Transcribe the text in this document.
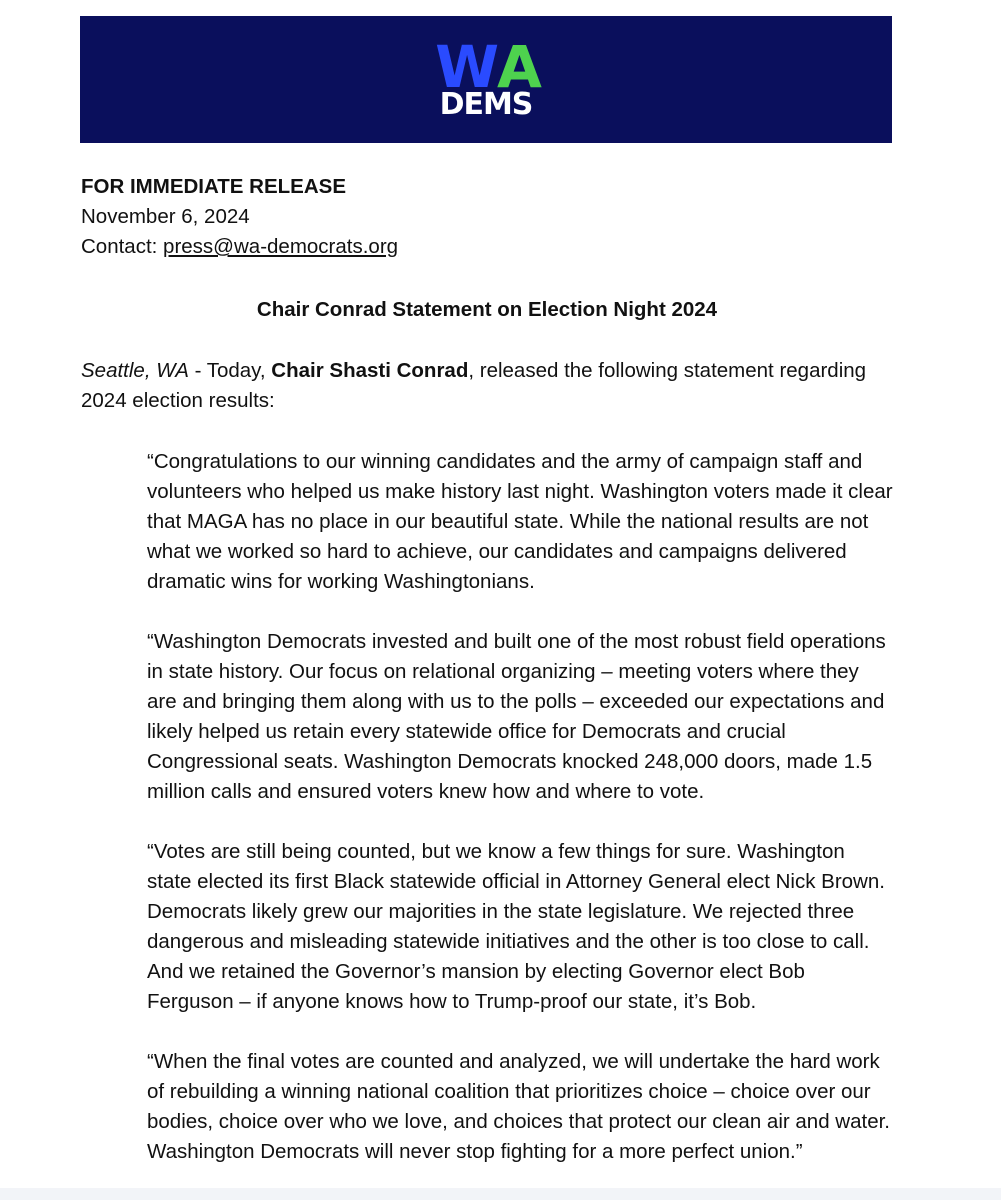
W A
DEMS
FOR IMMEDIATE RELEASE
November 6, 2024
Contact: press@wa-democrats.org
Chair Conrad Statement on Election Night 2024
Seattle, WA - Today, Chair Shasti Conrad, released the following statement regarding 2024 election results:
“Congratulations to our winning candidates and the army of campaign staff and volunteers who helped us make history last night. Washington voters made it clear that MAGA has no place in our beautiful state. While the national results are not what we worked so hard to achieve, our candidates and campaigns delivered dramatic wins for working Washingtonians.
“Washington Democrats invested and built one of the most robust field operations in state history. Our focus on relational organizing – meeting voters where they are and bringing them along with us to the polls – exceeded our expectations and likely helped us retain every statewide office for Democrats and crucial Congressional seats. Washington Democrats knocked 248,000 doors, made 1.5 million calls and ensured voters knew how and where to vote.
“Votes are still being counted, but we know a few things for sure. Washington state elected its first Black statewide official in Attorney General elect Nick Brown. Democrats likely grew our majorities in the state legislature. We rejected three dangerous and misleading statewide initiatives and the other is too close to call. And we retained the Governor’s mansion by electing Governor elect Bob Ferguson – if anyone knows how to Trump-proof our state, it’s Bob.
“When the final votes are counted and analyzed, we will undertake the hard work of rebuilding a winning national coalition that prioritizes choice – choice over our bodies, choice over who we love, and choices that protect our clean air and water. Washington Democrats will never stop fighting for a more perfect union.”
